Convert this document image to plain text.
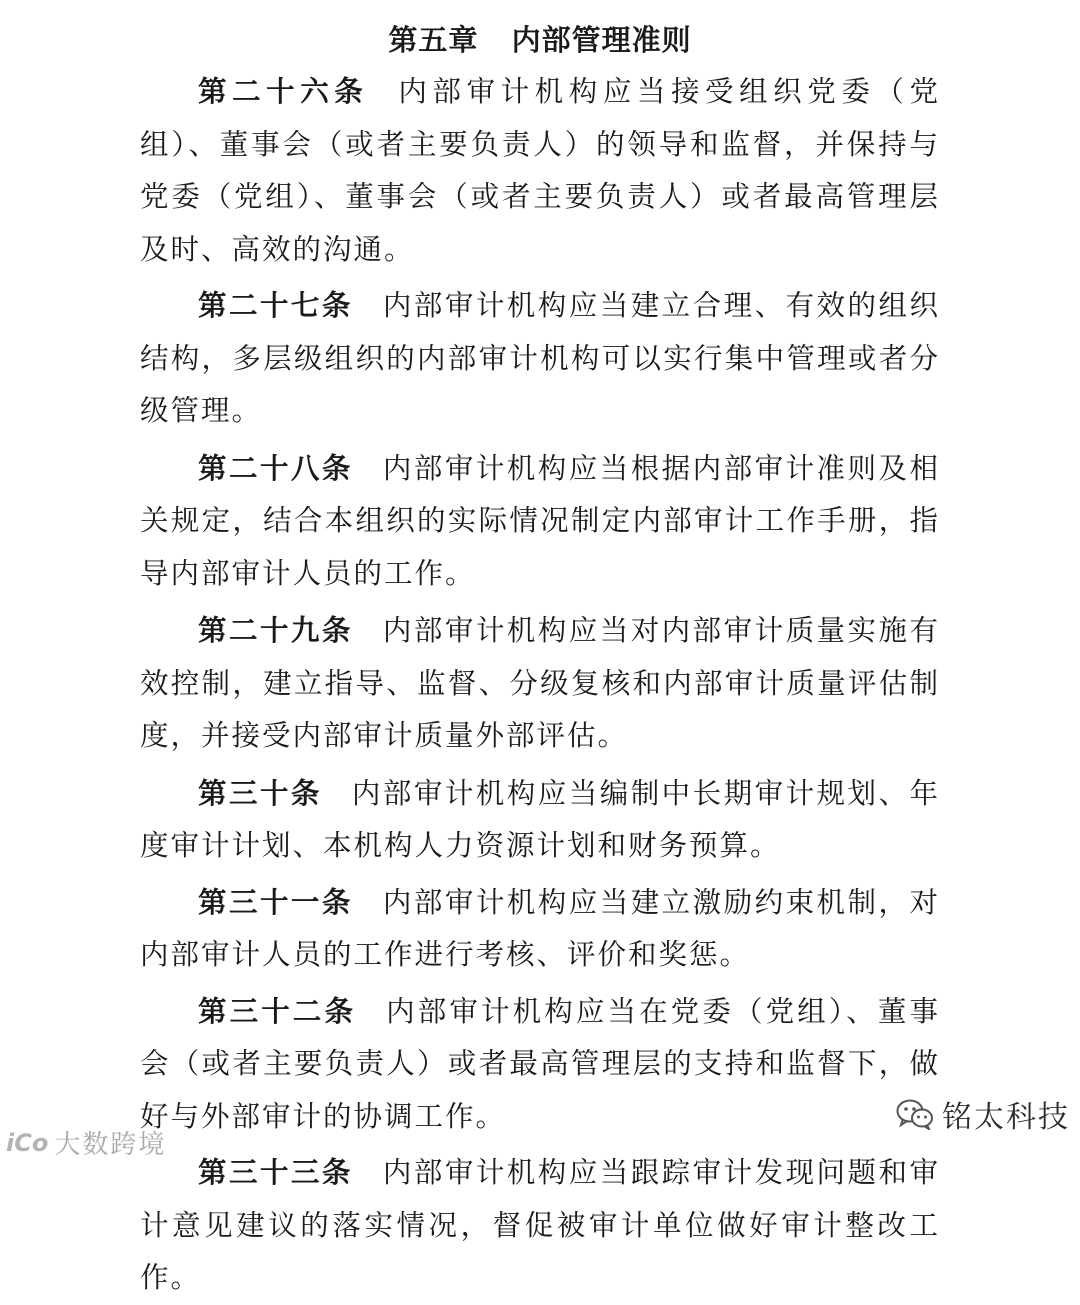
第五章   内部管理准则

第二十六条 内部审计机构应当接受组织党委（党组）、董事会（或者主要负责人）的领导和监督，并保持与党委（党组）、董事会（或者主要负责人）或者最高管理层及时、高效的沟通。

第二十七条 内部审计机构应当建立合理、有效的组织结构，多层级组织的内部审计机构可以实行集中管理或者分级管理。

第二十八条 内部审计机构应当根据内部审计准则及相关规定，结合本组织的实际情况制定内部审计工作手册，指导内部审计人员的工作。

第二十九条 内部审计机构应当对内部审计质量实施有效控制，建立指导、监督、分级复核和内部审计质量评估制度，并接受内部审计质量外部评估。

第三十条 内部审计机构应当编制中长期审计规划、年度审计计划、本机构人力资源计划和财务预算。

第三十一条 内部审计机构应当建立激励约束机制，对内部审计人员的工作进行考核、评价和奖惩。

第三十二条 内部审计机构应当在党委（党组）、董事会（或者主要负责人）或者最高管理层的支持和监督下，做好与外部审计的协调工作。

第三十三条 内部审计机构应当跟踪审计发现问题和审计意见建议的落实情况，督促被审计单位做好审计整改工作。

iCo 大数跨境
铭太科技
